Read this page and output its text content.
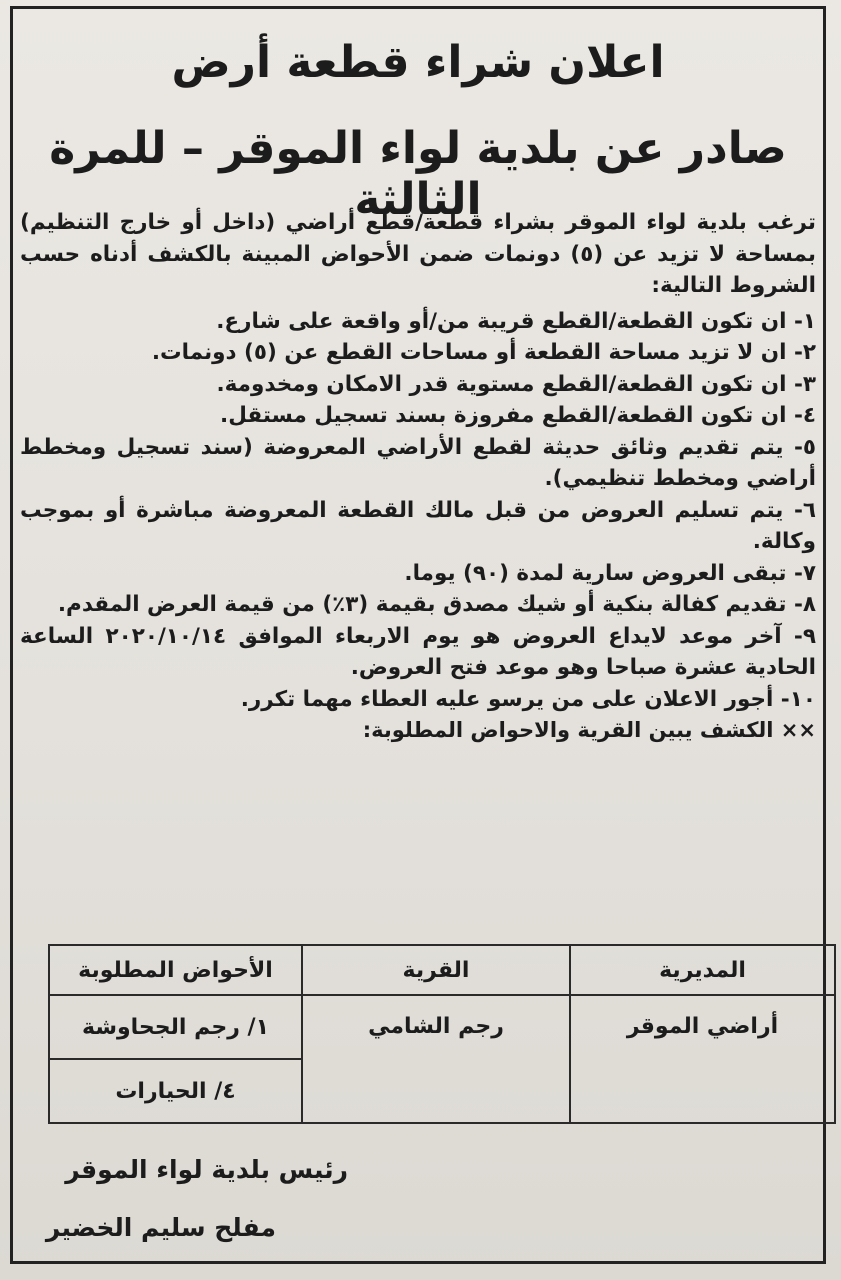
اعلان شراء قطعة أرض
صادر عن بلدية لواء الموقر – للمرة الثالثة

ترغب بلدية لواء الموقر بشراء قطعة/قطع أراضي (داخل أو خارج التنظيم) بمساحة لا تزيد عن (٥) دونمات ضمن الأحواض المبينة بالكشف أدناه حسب الشروط التالية:

١- ان تكون القطعة/القطع قريبة من/أو واقعة على شارع.

٢- ان لا تزيد مساحة القطعة أو مساحات القطع عن (٥) دونمات.

٣- ان تكون القطعة/القطع مستوية قدر الامكان ومخدومة.

٤- ان تكون القطعة/القطع مفروزة بسند تسجيل مستقل.

٥- يتم تقديم وثائق حديثة لقطع الأراضي المعروضة (سند تسجيل ومخطط أراضي ومخطط تنظيمي).

٦- يتم تسليم العروض من قبل مالك القطعة المعروضة مباشرة أو بموجب وكالة.

٧- تبقى العروض سارية لمدة (٩٠) يوما.

٨- تقديم كفالة بنكية أو شيك مصدق بقيمة (٣٪) من قيمة العرض المقدم.

٩- آخر موعد لايداع العروض هو يوم الاربعاء الموافق ٢٠٢٠/١٠/١٤ الساعة الحادية عشرة صباحا وهو موعد فتح العروض.

١٠- أجور الاعلان على من يرسو عليه العطاء مهما تكرر.

×× الكشف يبين القرية والاحواض المطلوبة:

المديرية	القرية	الأحواض المطلوبة
أراضي الموقر	رجم الشامي	١/ رجم الجحاوشة
		٤/ الحيارات
رئيس بلدية لواء الموقر
مفلح سليم الخضير
